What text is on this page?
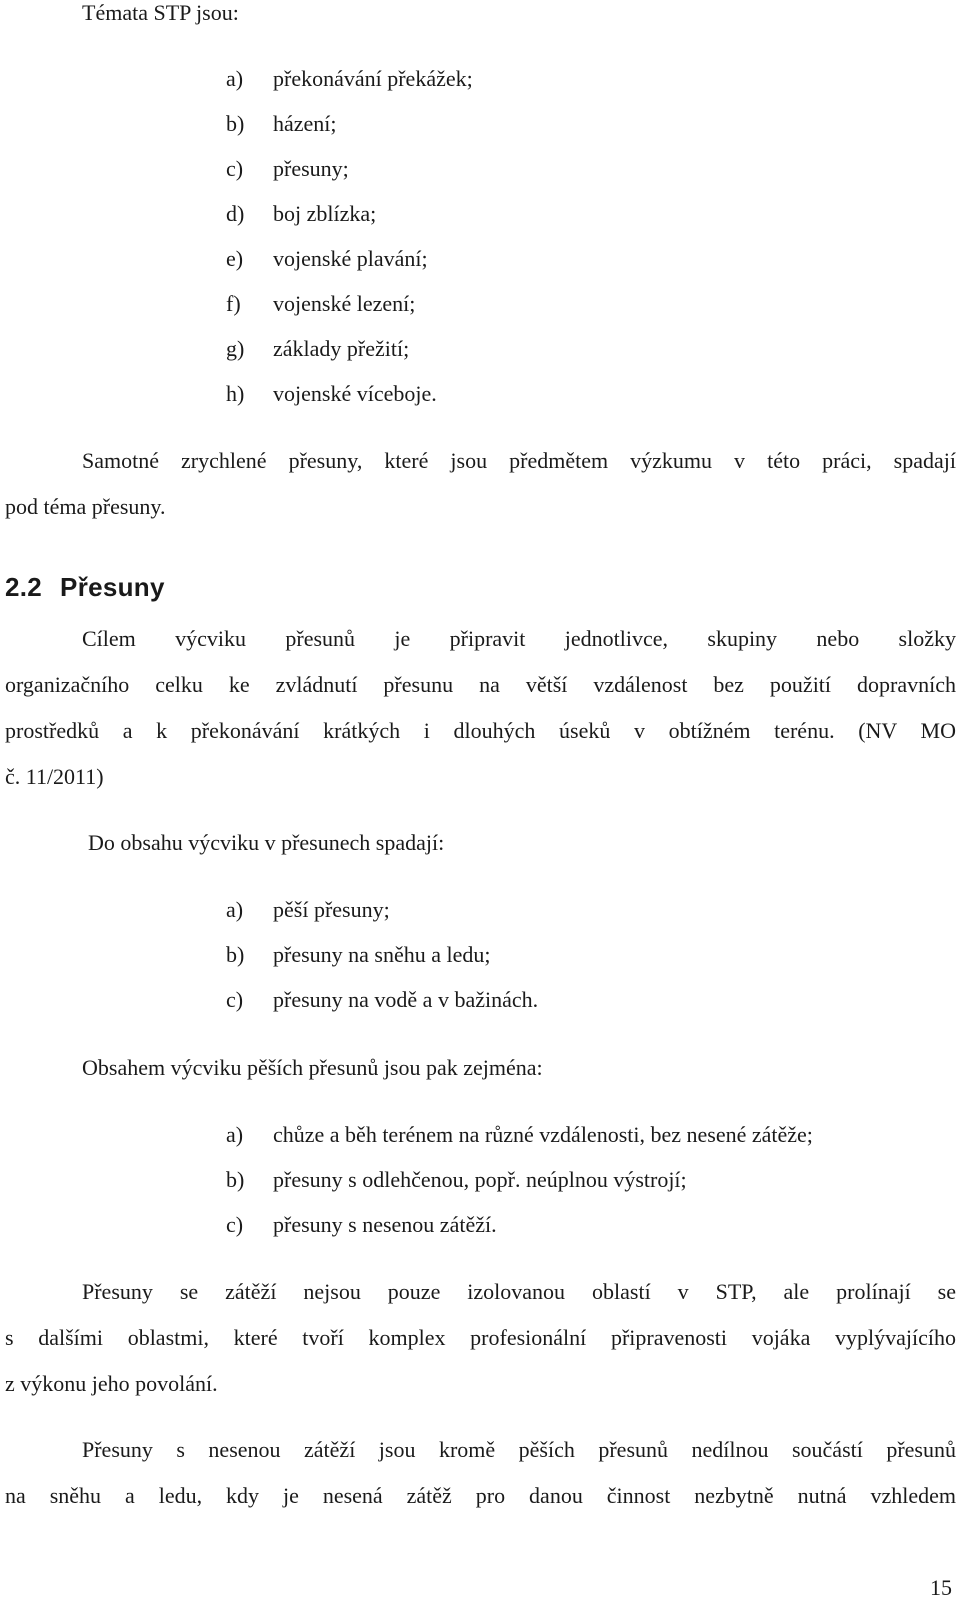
Témata STP jsou:
a) překonávání překážek;
b) házení;
c) přesuny;
d) boj zblízka;
e) vojenské plavání;
f) vojenské lezení;
g) základy přežití;
h) vojenské víceboje.
Samotné zrychlené přesuny, které jsou předmětem výzkumu v této práci, spadají
pod téma přesuny.
2.2 Přesuny
Cílem výcviku přesunů je připravit jednotlivce, skupiny nebo složky
organizačního celku ke zvládnutí přesunu na větší vzdálenost bez použití dopravních
prostředků a k překonávání krátkých i dlouhých úseků v obtížném terénu. (NV MO
č. 11/2011)
Do obsahu výcviku v přesunech spadají:
a) pěší přesuny;
b) přesuny na sněhu a ledu;
c) přesuny na vodě a v bažinách.
Obsahem výcviku pěších přesunů jsou pak zejména:
a) chůze a běh terénem na různé vzdálenosti, bez nesené zátěže;
b) přesuny s odlehčenou, popř. neúplnou výstrojí;
c) přesuny s nesenou zátěží.
Přesuny se zátěží nejsou pouze izolovanou oblastí v STP, ale prolínají se
s dalšími oblastmi, které tvoří komplex profesionální připravenosti vojáka vyplývajícího
z výkonu jeho povolání.
Přesuny s nesenou zátěží jsou kromě pěších přesunů nedílnou součástí přesunů
na sněhu a ledu, kdy je nesená zátěž pro danou činnost nezbytně nutná vzhledem
15
